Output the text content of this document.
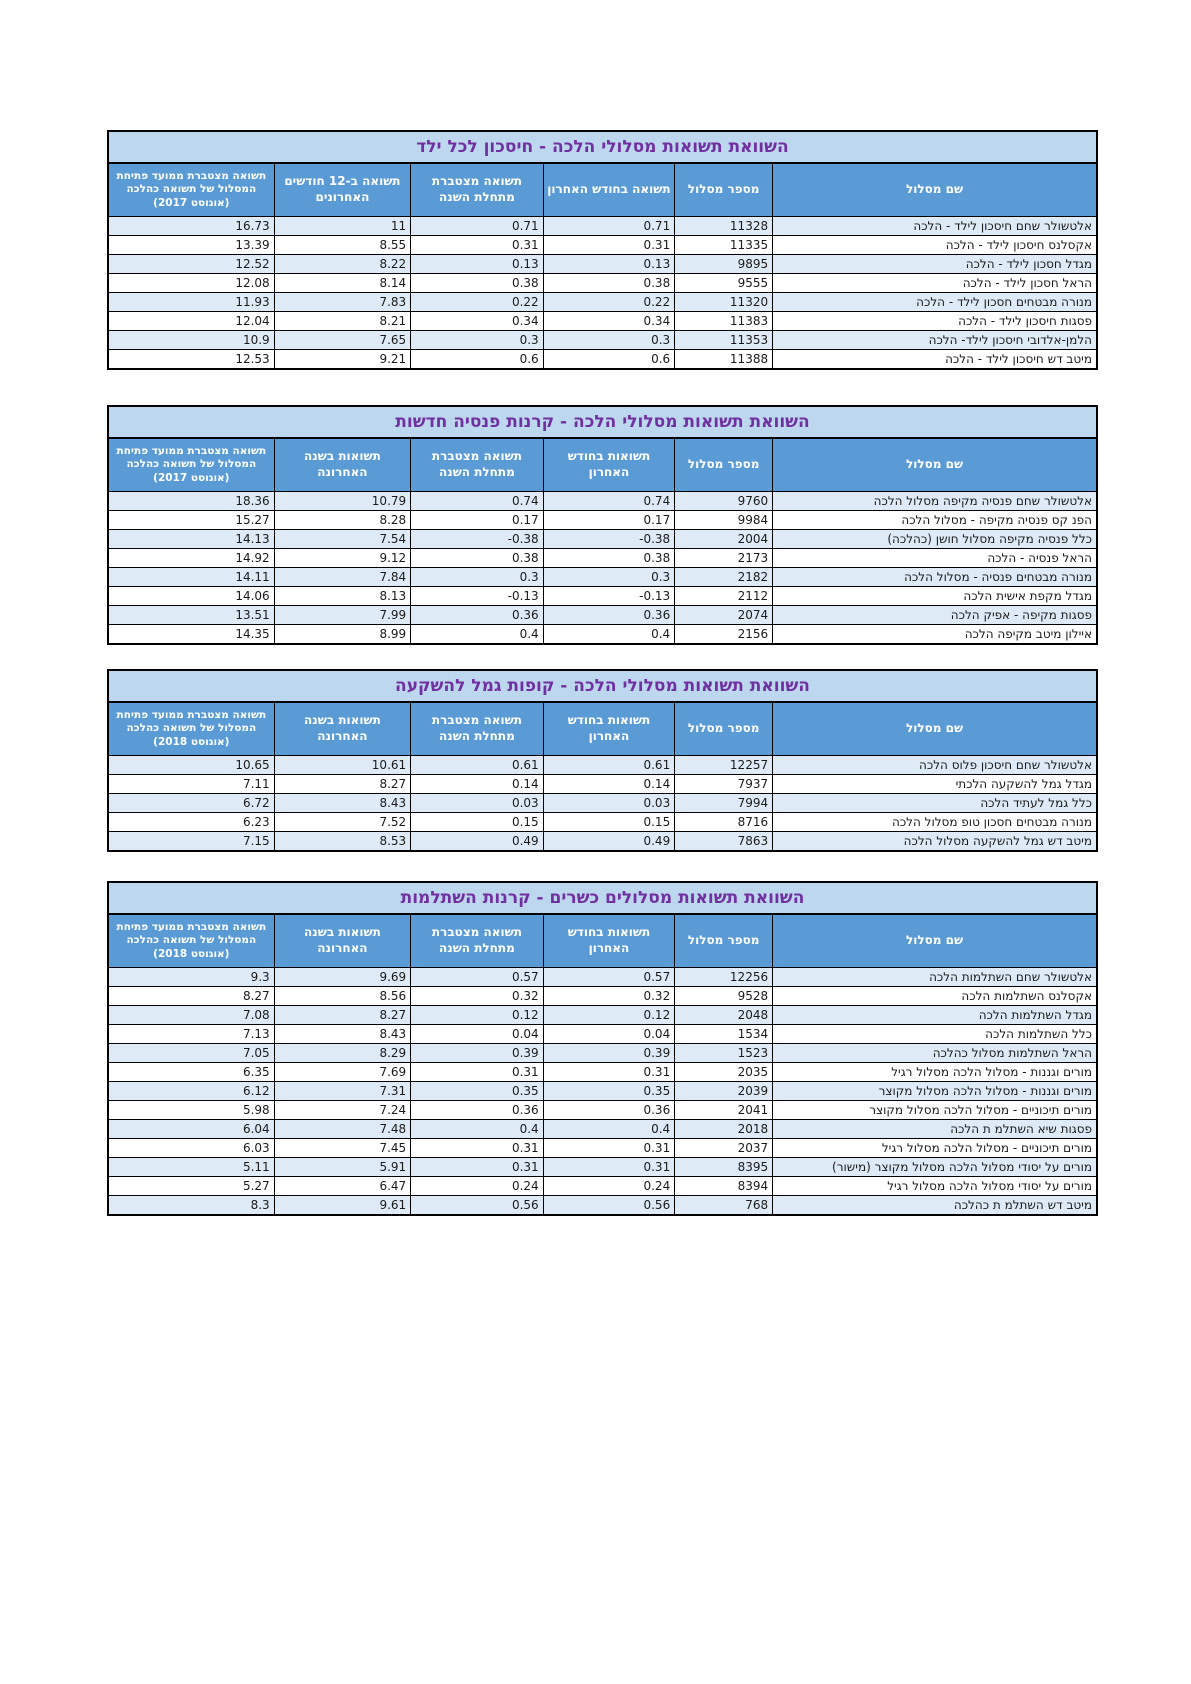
השוואת תשואות מסלולי הלכה - חיסכון לכל ילד					
שם מסלול	מספר מסלול	תשואה בחודש האחרון	תשואה מצטברת מתחלת השנה	תשואה ב-12 חודשים האחרונים	תשואה מצטברת ממועד פתיחת המסלול של תשואה כהלכה (אוגוסט 2017)
אלטשולר שחם חיסכון לילד - הלכה	11328	0.71	0.71	11	16.73
אקסלנס חיסכון לילד - הלכה	11335	0.31	0.31	8.55	13.39
מגדל חסכון לילד - הלכה	9895	0.13	0.13	8.22	12.52
הראל חסכון לילד - הלכה	9555	0.38	0.38	8.14	12.08
מנורה מבטחים חסכון לילד - הלכה	11320	0.22	0.22	7.83	11.93
פסגות חיסכון לילד - הלכה	11383	0.34	0.34	8.21	12.04
הלמן-אלדובי חיסכון לילד- הלכה	11353	0.3	0.3	7.65	10.9
מיטב דש חיסכון לילד - הלכה	11388	0.6	0.6	9.21	12.53
השוואת תשואות מסלולי הלכה - קרנות פנסיה חדשות					
שם מסלול	מספר מסלול	תשואות בחודש האחרון	תשואה מצטברת מתחלת השנה	תשואות בשנה האחרונה	תשואה מצטברת ממועד פתיחת המסלול של תשואה כהלכה (אוגוסט 2017)
אלטשולר שחם פנסיה מקיפה מסלול הלכה	9760	0.74	0.74	10.79	18.36
הפנ קס פנסיה מקיפה - מסלול הלכה	9984	0.17	0.17	8.28	15.27
כלל פנסיה מקיפה מסלול חושן (כהלכה)	2004	-0.38	-0.38	7.54	14.13
הראל פנסיה - הלכה	2173	0.38	0.38	9.12	14.92
מנורה מבטחים פנסיה - מסלול הלכה	2182	0.3	0.3	7.84	14.11
מגדל מקפת אישית הלכה	2112	-0.13	-0.13	8.13	14.06
פסגות מקיפה - אפיק הלכה	2074	0.36	0.36	7.99	13.51
איילון מיטב מקיפה הלכה	2156	0.4	0.4	8.99	14.35
השוואת תשואות מסלולי הלכה - קופות גמל להשקעה					
שם מסלול	מספר מסלול	תשואות בחודש האחרון	תשואה מצטברת מתחלת השנה	תשואות בשנה האחרונה	תשואה מצטברת ממועד פתיחת המסלול של תשואה כהלכה (אוגוסט 2018)
אלטשולר שחם חיסכון פלוס הלכה	12257	0.61	0.61	10.61	10.65
מגדל גמל להשקעה הלכתי	7937	0.14	0.14	8.27	7.11
כלל גמל לעתיד הלכה	7994	0.03	0.03	8.43	6.72
מנורה מבטחים חסכון טופ מסלול הלכה	8716	0.15	0.15	7.52	6.23
מיטב דש גמל להשקעה מסלול הלכה	7863	0.49	0.49	8.53	7.15
השוואת תשואות מסלולים כשרים - קרנות השתלמות					
שם מסלול	מספר מסלול	תשואות בחודש האחרון	תשואה מצטברת מתחלת השנה	תשואות בשנה האחרונה	תשואה מצטברת ממועד פתיחת המסלול של תשואה כהלכה (אוגוסט 2018)
אלטשולר שחם השתלמות הלכה	12256	0.57	0.57	9.69	9.3
אקסלנס השתלמות הלכה	9528	0.32	0.32	8.56	8.27
מגדל השתלמות הלכה	2048	0.12	0.12	8.27	7.08
כלל השתלמות הלכה	1534	0.04	0.04	8.43	7.13
הראל השתלמות מסלול כהלכה	1523	0.39	0.39	8.29	7.05
מורים וגננות - מסלול הלכה מסלול רגיל	2035	0.31	0.31	7.69	6.35
מורים וגננות - מסלול הלכה מסלול מקוצר	2039	0.35	0.35	7.31	6.12
מורים תיכוניים - מסלול הלכה מסלול מקוצר	2041	0.36	0.36	7.24	5.98
פסגות שיא השתלמ ת הלכה	2018	0.4	0.4	7.48	6.04
מורים תיכוניים - מסלול הלכה מסלול רגיל	2037	0.31	0.31	7.45	6.03
מורים על יסודי מסלול הלכה מסלול מקוצר (מישור)	8395	0.31	0.31	5.91	5.11
מורים על יסודי מסלול הלכה מסלול רגיל	8394	0.24	0.24	6.47	5.27
מיטב דש השתלמ ת כהלכה	768	0.56	0.56	9.61	8.3
